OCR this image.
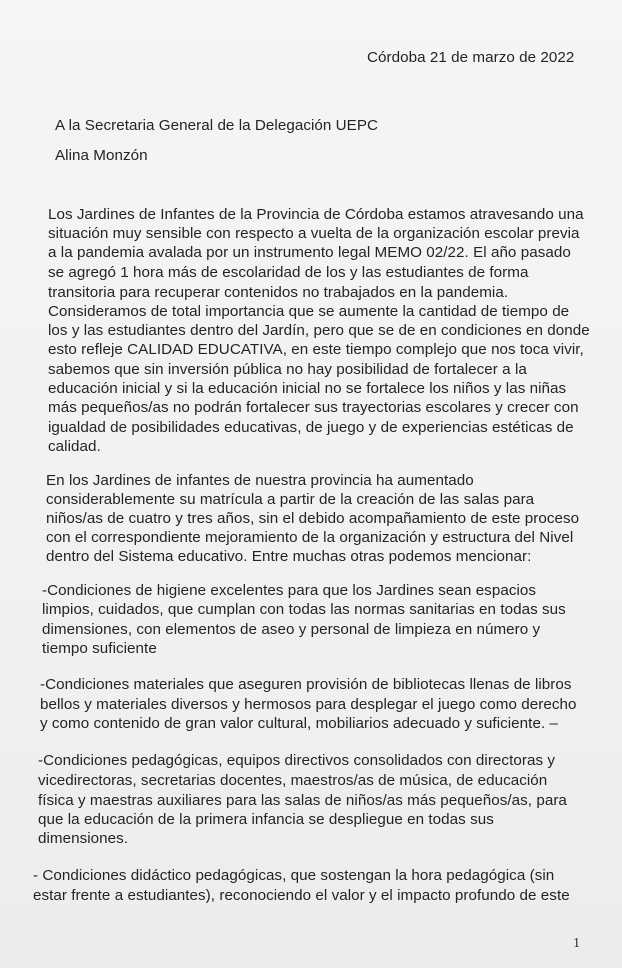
Córdoba 21 de marzo de 2022
A la Secretaria General de la Delegación UEPC
Alina Monzón
Los Jardines de Infantes de la Provincia de Córdoba estamos atravesando una
situación muy sensible con respecto a vuelta de la organización escolar previa
a la pandemia avalada por un instrumento legal MEMO 02/22. El año pasado
se agregó 1 hora más de escolaridad de los y las estudiantes de forma
transitoria para recuperar contenidos no trabajados en la pandemia.
Consideramos de total importancia que se aumente la cantidad de tiempo de
los y las estudiantes dentro del Jardín, pero que se de en condiciones en donde
esto refleje CALIDAD EDUCATIVA, en este tiempo complejo que nos toca vivir,
sabemos que sin inversión pública no hay posibilidad de fortalecer a la
educación inicial y si la educación inicial no se fortalece los niños y las niñas
más pequeños/as no podrán fortalecer sus trayectorias escolares y crecer con
igualdad de posibilidades educativas, de juego y de experiencias estéticas de
calidad.
En los Jardines de infantes de nuestra provincia ha aumentado
considerablemente su matrícula a partir de la creación de las salas para
niños/as de cuatro y tres años, sin el debido acompañamiento de este proceso
con el correspondiente mejoramiento de la organización y estructura del Nivel
dentro del Sistema educativo. Entre muchas otras podemos mencionar:
-Condiciones de higiene excelentes para que los Jardines sean espacios
limpios, cuidados, que cumplan con todas las normas sanitarias en todas sus
dimensiones, con elementos de aseo y personal de limpieza en número y
tiempo suficiente
-Condiciones materiales que aseguren provisión de bibliotecas llenas de libros
bellos y materiales diversos y hermosos para desplegar el juego como derecho
y como contenido de gran valor cultural, mobiliarios adecuado y suficiente. –
-Condiciones pedagógicas, equipos directivos consolidados con directoras y
vicedirectoras, secretarias docentes, maestros/as de música, de educación
física y maestras auxiliares para las salas de niños/as más pequeños/as, para
que la educación de la primera infancia se despliegue en todas sus
dimensiones.
- Condiciones didáctico pedagógicas, que sostengan la hora pedagógica (sin
estar frente a estudiantes), reconociendo el valor y el impacto profundo de este
1
